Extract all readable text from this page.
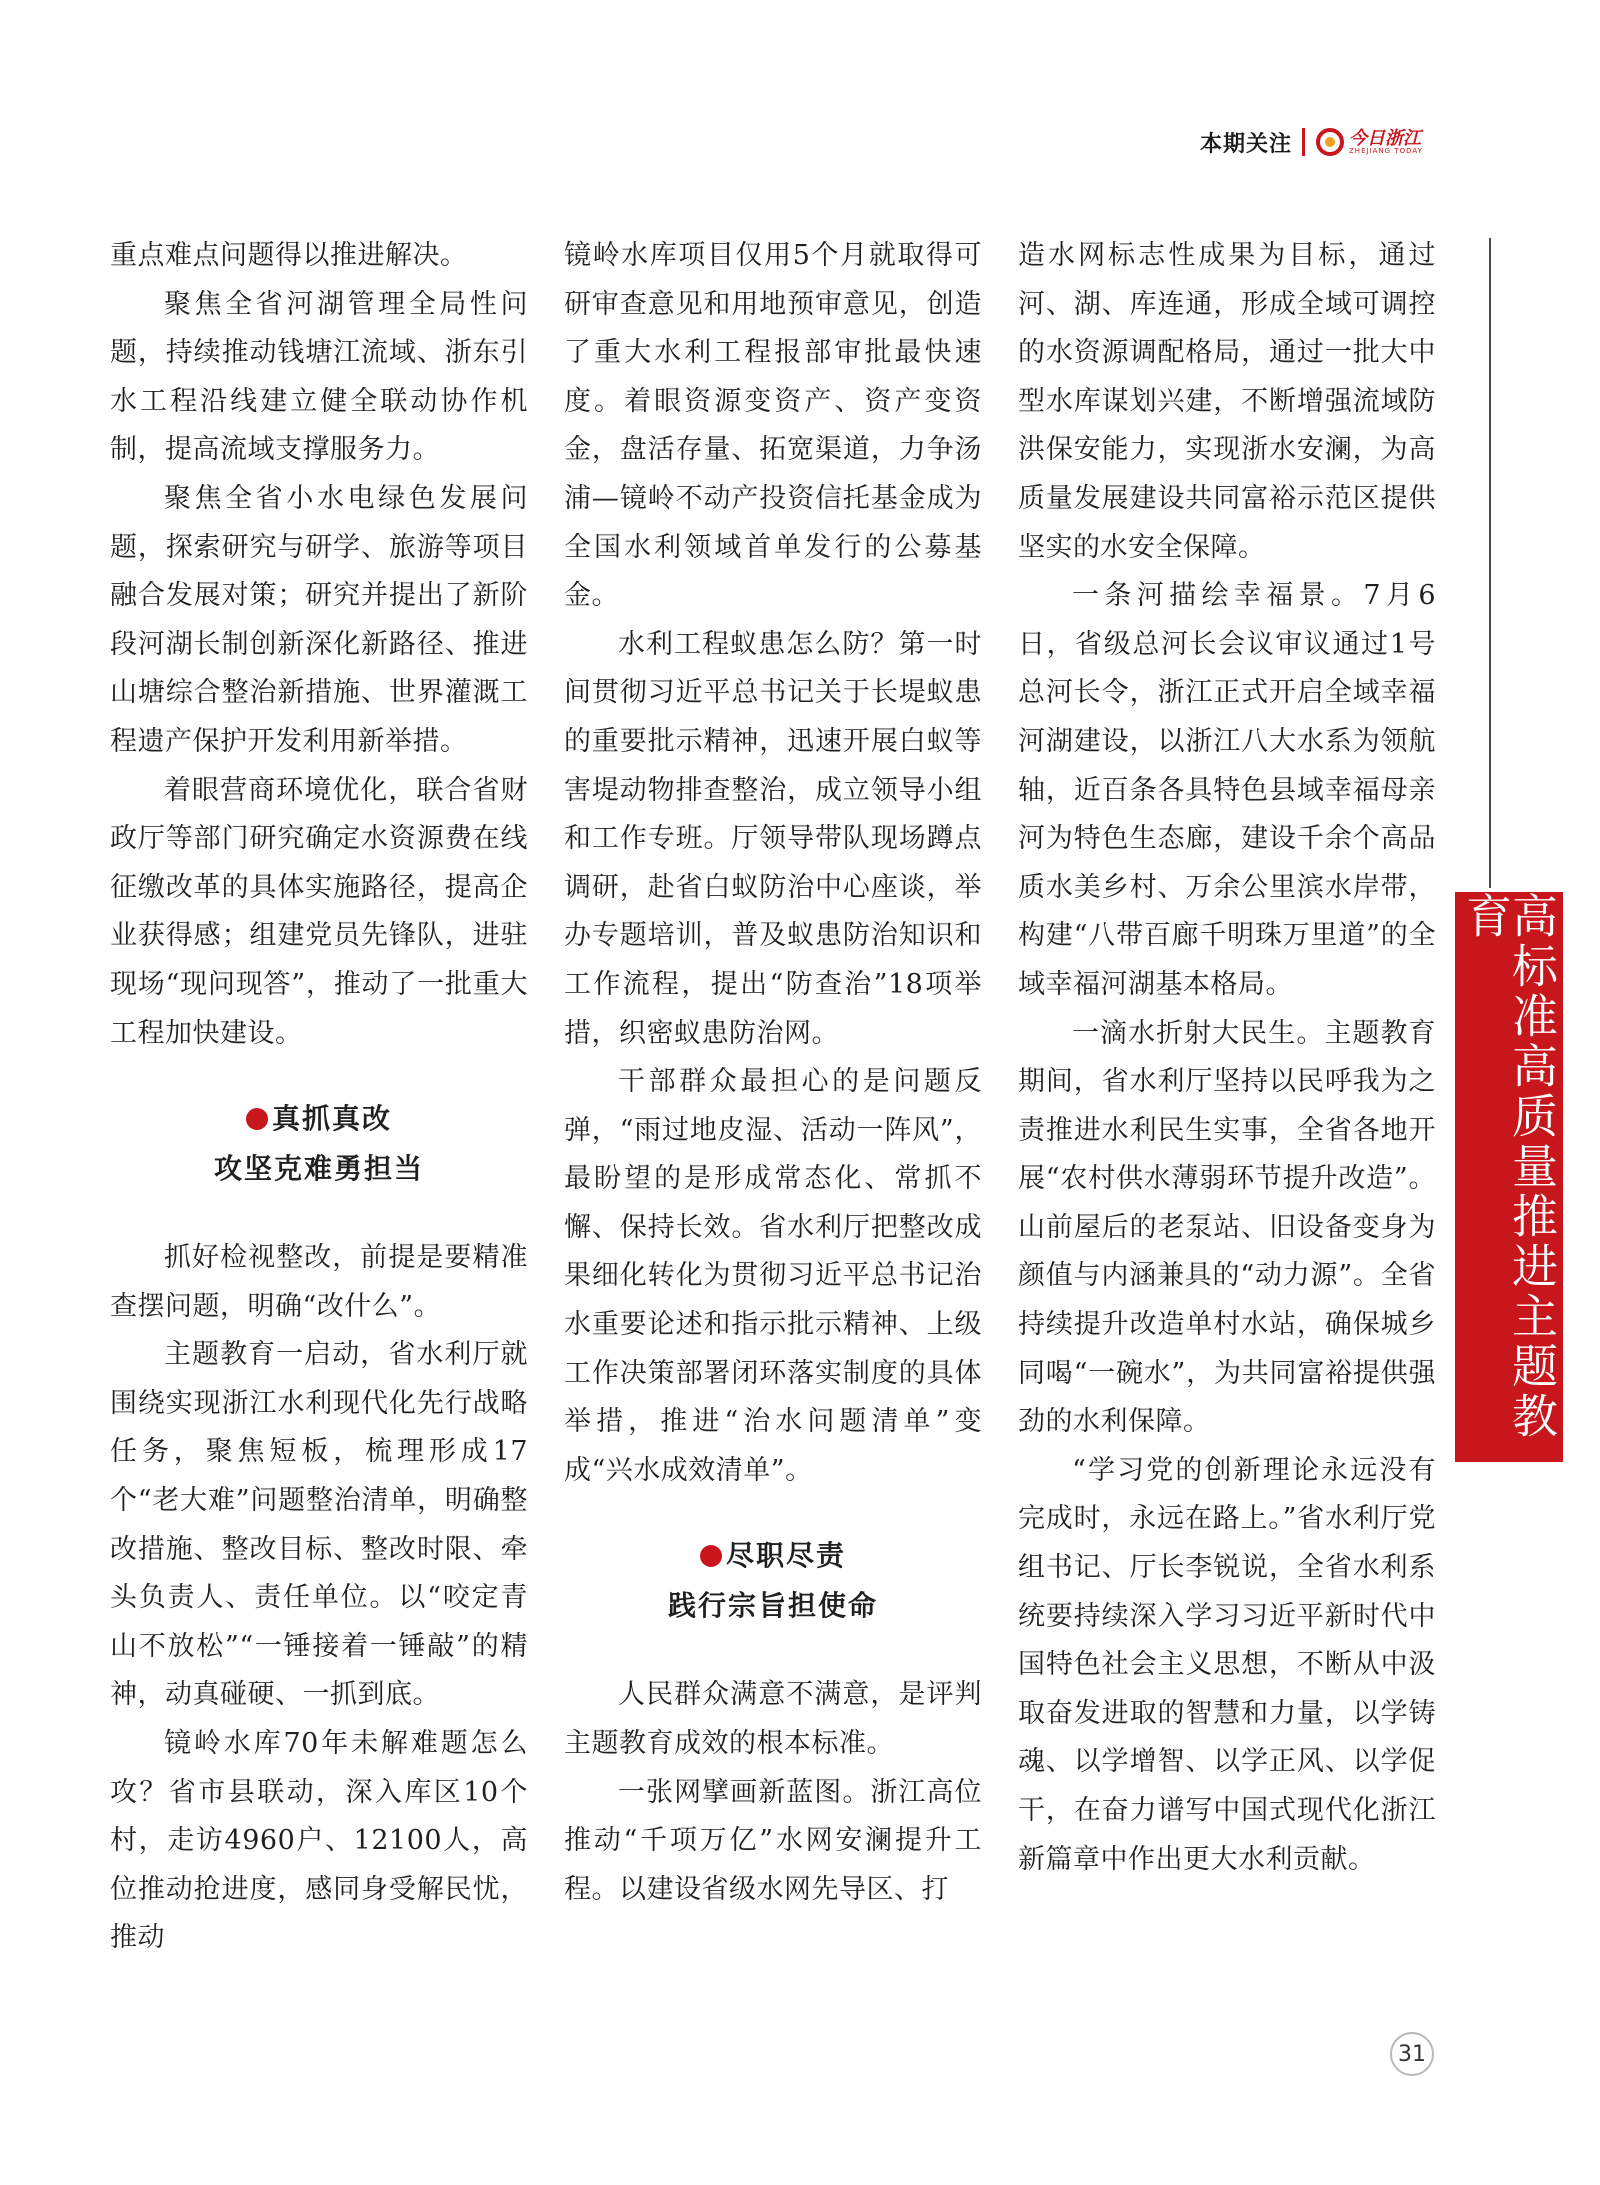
本期关注	今日浙江
ZHEJIANG TODAY

重点难点问题得以推进解决。

聚焦全省河湖管理全局性问题，持续推动钱塘江流域、浙东引水工程沿线建立健全联动协作机制，提高流域支撑服务力。

聚焦全省小水电绿色发展问题，探索研究与研学、旅游等项目融合发展对策；研究并提出了新阶段河湖长制创新深化新路径、推进山塘综合整治新措施、世界灌溉工程遗产保护开发利用新举措。

着眼营商环境优化，联合省财政厅等部门研究确定水资源费在线征缴改革的具体实施路径，提高企业获得感；组建党员先锋队，进驻现场“现问现答”，推动了一批重大工程加快建设。

真抓真改
攻坚克难勇担当

抓好检视整改，前提是要精准查摆问题，明确“改什么”。

主题教育一启动，省水利厅就围绕实现浙江水利现代化先行战略任务，聚焦短板，梳理形成17个“老大难”问题整治清单，明确整改措施、整改目标、整改时限、牵头负责人、责任单位。以“咬定青山不放松”“一锤接着一锤敲”的精神，动真碰硬、一抓到底。

镜岭水库70年未解难题怎么攻？省市县联动，深入库区10个村，走访4960户、12100人，高位推动抢进度，感同身受解民忧，推动

镜岭水库项目仅用5个月就取得可研审查意见和用地预审意见，创造了重大水利工程报部审批最快速度。着眼资源变资产、资产变资金，盘活存量、拓宽渠道，力争汤浦—镜岭不动产投资信托基金成为全国水利领域首单发行的公募基金。

水利工程蚁患怎么防？第一时间贯彻习近平总书记关于长堤蚁患的重要批示精神，迅速开展白蚁等害堤动物排查整治，成立领导小组和工作专班。厅领导带队现场蹲点调研，赴省白蚁防治中心座谈，举办专题培训，普及蚁患防治知识和工作流程，提出“防查治”18项举措，织密蚁患防治网。

干部群众最担心的是问题反弹，“雨过地皮湿、活动一阵风”，最盼望的是形成常态化、常抓不懈、保持长效。省水利厅把整改成果细化转化为贯彻习近平总书记治水重要论述和指示批示精神、上级工作决策部署闭环落实制度的具体举措，推进“治水问题清单”变成“兴水成效清单”。

尽职尽责
践行宗旨担使命

人民群众满意不满意，是评判主题教育成效的根本标准。

一张网擘画新蓝图。浙江高位推动“千项万亿”水网安澜提升工程。以建设省级水网先导区、打

造水网标志性成果为目标，通过河、湖、库连通，形成全域可调控的水资源调配格局，通过一批大中型水库谋划兴建，不断增强流域防洪保安能力，实现浙水安澜，为高质量发展建设共同富裕示范区提供坚实的水安全保障。

一条河描绘幸福景。7月6日，省级总河长会议审议通过1号总河长令，浙江正式开启全域幸福河湖建设，以浙江八大水系为领航轴，近百条各具特色县域幸福母亲河为特色生态廊，建设千余个高品质水美乡村、万余公里滨水岸带，构建“八带百廊千明珠万里道”的全域幸福河湖基本格局。

一滴水折射大民生。主题教育期间，省水利厅坚持以民呼我为之责推进水利民生实事，全省各地开展“农村供水薄弱环节提升改造”。山前屋后的老泵站、旧设备变身为颜值与内涵兼具的“动力源”。全省持续提升改造单村水站，确保城乡同喝“一碗水”，为共同富裕提供强劲的水利保障。

“学习党的创新理论永远没有完成时，永远在路上。”省水利厅党组书记、厅长李锐说，全省水利系统要持续深入学习习近平新时代中国特色社会主义思想，不断从中汲取奋发进取的智慧和力量，以学铸魂、以学增智、以学正风、以学促干，在奋力谱写中国式现代化浙江新篇章中作出更大水利贡献。

高标准高质量推进主题教育
31
